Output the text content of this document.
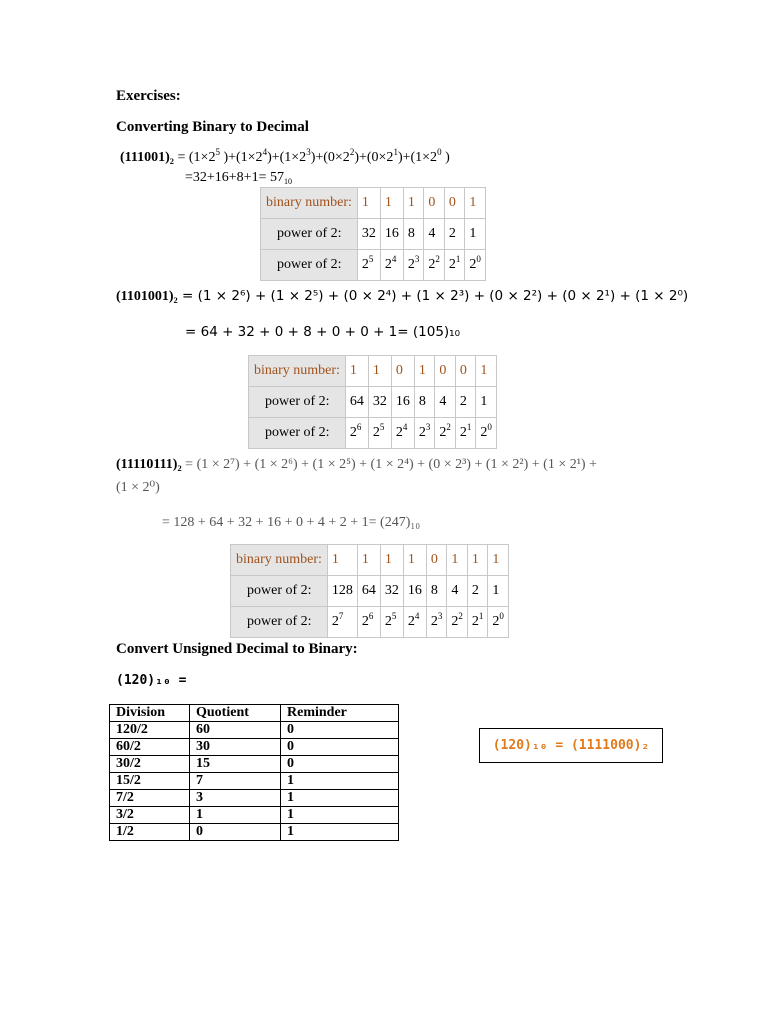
Exercises:
Converting Binary to Decimal
$(111001)_2 = (1\times 2^5$ )$+(1\times 2^4)+(1\times 2^3)+(0\times 2^2)+(0\times 2^1)+(1\times 2^0$ )
$=32+16+8+1= 57_{10}$
binary number:	1	1	1	0	0	1
power of 2:	32	16	8	4	2	1
power of 2:	$2^5$	$2^4$	$2^3$	$2^2$	$2^1$	$2^0$
(1101001)₂ = (1 × 2⁶) + (1 × 2⁵) + (0 × 2⁴) + (1 × 2³) + (0 × 2²) + (0 × 2¹) + (1 × 2⁰)
= 64 + 32 + 0 + 8 + 0 + 0 + 1= (105)₁₀
binary number:	1	1	0	1	0	0	1
power of 2:	64	32	16	8	4	2	1
power of 2:	$2^6$	$2^5$	$2^4$	$2^3$	$2^2$	$2^1$	$2^0$
(11110111)₂ = (1 × 2⁷) + (1 × 2⁶) + (1 × 2⁵) + (1 × 2⁴) + (0 × 2³) + (1 × 2²) + (1 × 2¹) +
(1 × 2⁰)
= 128 + 64 + 32 + 16 + 0 + 4 + 2 + 1= (247)₁₀
binary number:	1	1	1	1	0	1	1	1
power of 2:	128	64	32	16	8	4	2	1
power of 2:	$2^7$	$2^6$	$2^5$	$2^4$	$2^3$	$2^2$	$2^1$	$2^0$
Convert Unsigned Decimal to Binary:
(120)₁₀ =
Division	Quotient	Reminder
120/2	60	0
60/2	30	0
30/2	15	0
15/2	7	1
7/2	3	1
3/2	1	1
1/2	0	1
(120)₁₀ = (1111000)₂
